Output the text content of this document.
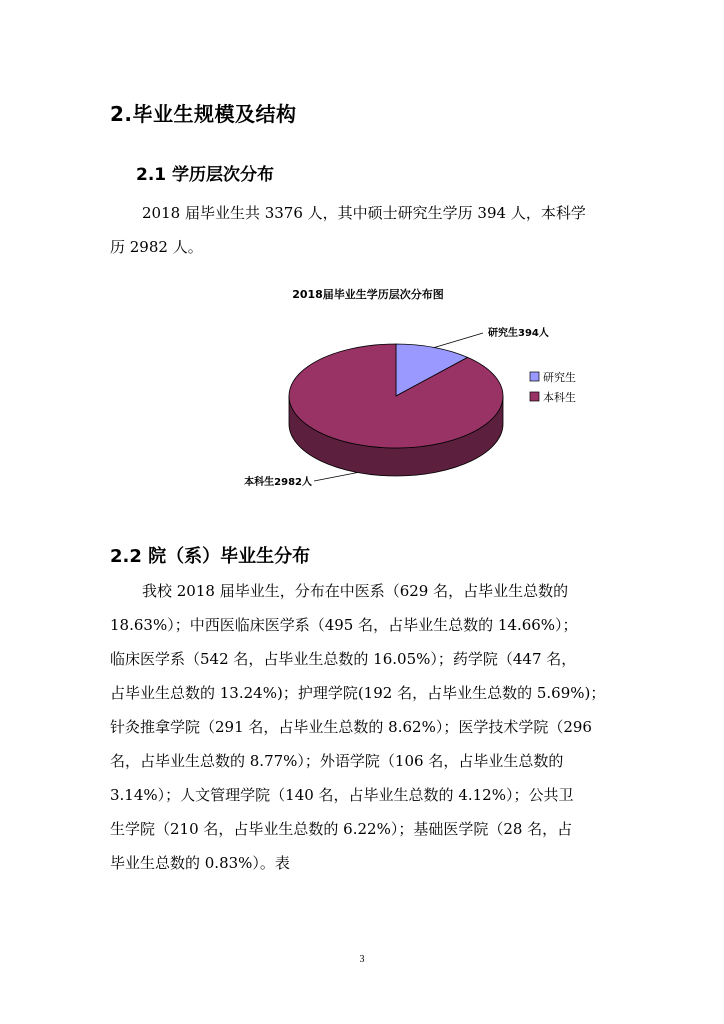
2.毕业生规模及结构
2.1 学历层次分布
2018 届毕业生共 3376 人，其中硕士研究生学历 394 人，本科学
历 2982 人。
2018届毕业生学历层次分布图
研究生394人
本科生2982人
研究生
本科生
2.2 院（系）毕业生分布
我校 2018 届毕业生，分布在中医系（629 名，占毕业生总数的
18.63%）；中西医临床医学系（495 名，占毕业生总数的 14.66%）；
临床医学系（542 名，占毕业生总数的 16.05%）；药学院（447 名，
占毕业生总数的 13.24%)；护理学院(192 名，占毕业生总数的 5.69%)；
针灸推拿学院（291 名，占毕业生总数的 8.62%）；医学技术学院（296
名，占毕业生总数的 8.77%）；外语学院（106 名，占毕业生总数的
3.14%）；人文管理学院（140 名，占毕业生总数的 4.12%）；公共卫
生学院（210 名，占毕业生总数的 6.22%）；基础医学院（28 名，占
毕业生总数的 0.83%）。表
3
